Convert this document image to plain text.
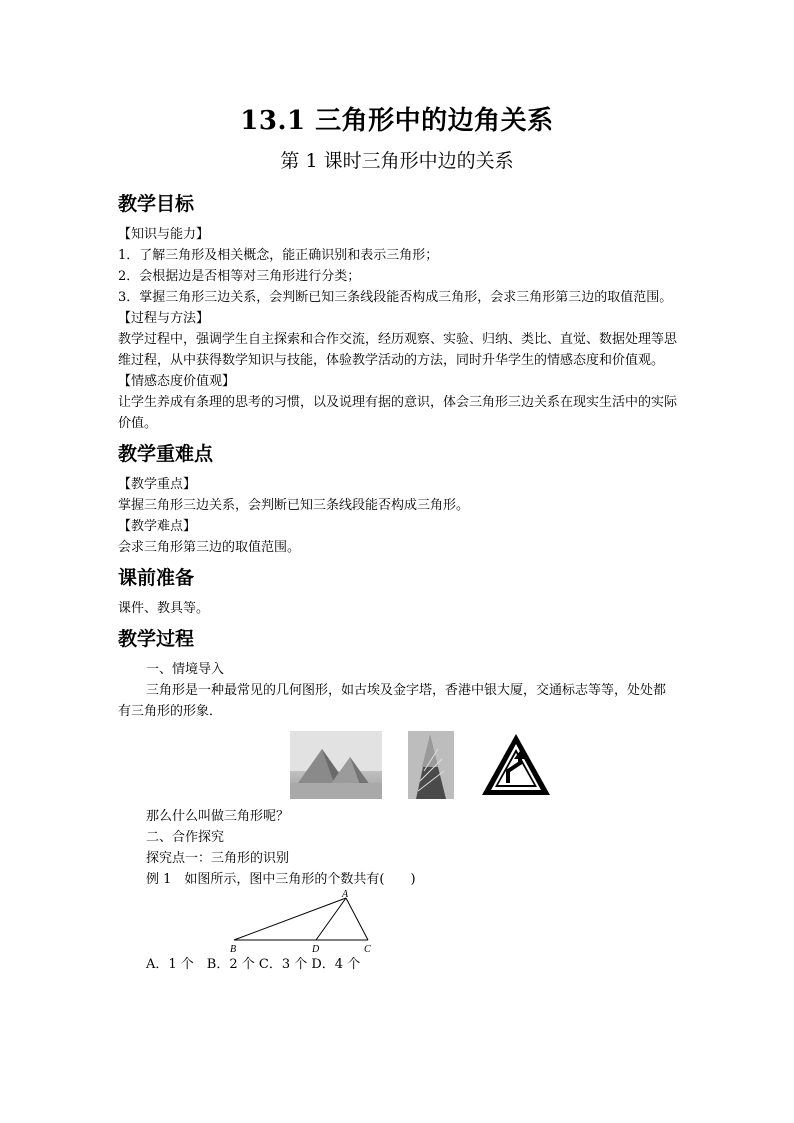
13.1 三角形中的边角关系
第 1 课时三角形中边的关系
教学目标

【知识与能力】

1．了解三角形及相关概念，能正确识别和表示三角形；

2．会根据边是否相等对三角形进行分类；

3．掌握三角形三边关系，会判断已知三条线段能否构成三角形，会求三角形第三边的取值范围。

【过程与方法】

教学过程中，强调学生自主探索和合作交流，经历观察、实验、归纳、类比、直觉、数据处理等思维过程，从中获得数学知识与技能，体验教学活动的方法，同时升华学生的情感态度和价值观。

【情感态度价值观】

让学生养成有条理的思考的习惯，以及说理有据的意识，体会三角形三边关系在现实生活中的实际价值。

教学重难点

【教学重点】

掌握三角形三边关系，会判断已知三条线段能否构成三角形。

【教学难点】

会求三角形第三边的取值范围。

课前准备

课件、教具等。

教学过程

一、情境导入

三角形是一种最常见的几何图形，如古埃及金字塔，香港中银大厦，交通标志等等，处处都有三角形的形象．

那么什么叫做三角形呢？

二、合作探究

探究点一：三角形的识别

例 1　如图所示，图中三角形的个数共有(　　)

A
B	D	C

A．1 个　B．2 个 C．3 个 D．4 个
